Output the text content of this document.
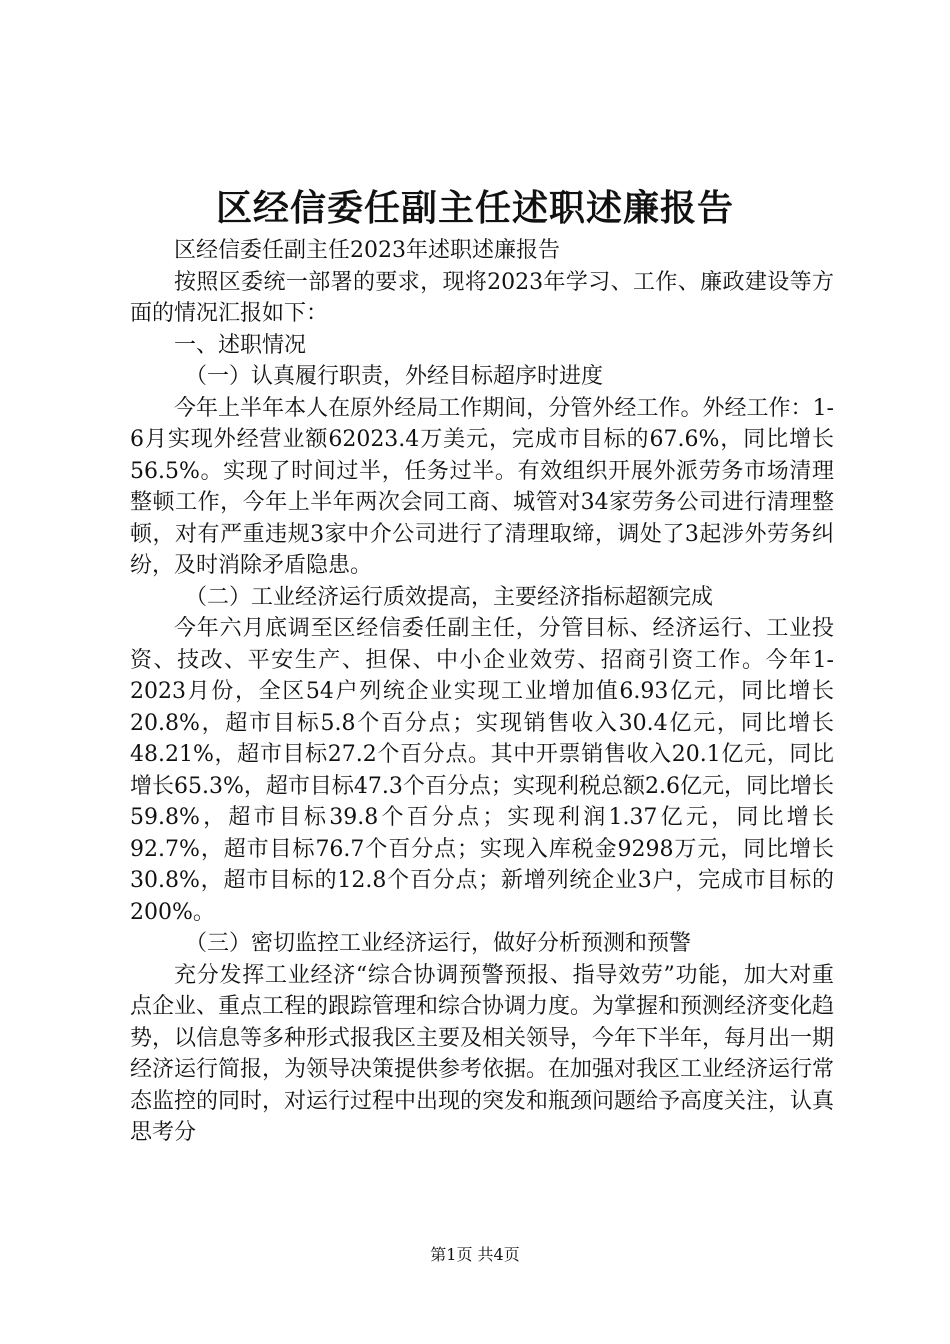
区经信委任副主任述职述廉报告

区经信委任副主任2023年述职述廉报告

按照区委统一部署的要求，现将2023年学习、工作、廉政建设等方面的情况汇报如下：

一、述职情况

（一）认真履行职责，外经目标超序时进度

今年上半年本人在原外经局工作期间，分管外经工作。外经工作：1-6月实现外经营业额62023.4万美元，完成市目标的67.6%，同比增长56.5%。实现了时间过半，任务过半。有效组织开展外派劳务市场清理整顿工作，今年上半年两次会同工商、城管对34家劳务公司进行清理整顿，对有严重违规3家中介公司进行了清理取缔，调处了3起涉外劳务纠纷，及时消除矛盾隐患。

（二）工业经济运行质效提高，主要经济指标超额完成

今年六月底调至区经信委任副主任，分管目标、经济运行、工业投资、技改、平安生产、担保、中小企业效劳、招商引资工作。今年1-2023月份，全区54户列统企业实现工业增加值6.93亿元，同比增长20.8%，超市目标5.8个百分点；实现销售收入30.4亿元，同比增长48.21%，超市目标27.2个百分点。其中开票销售收入20.1亿元，同比增长65.3%，超市目标47.3个百分点；实现利税总额2.6亿元，同比增长59.8%，超市目标39.8个百分点；实现利润1.37亿元，同比增长92.7%，超市目标76.7个百分点；实现入库税金9298万元，同比增长30.8%，超市目标的12.8个百分点；新增列统企业3户，完成市目标的200%。

（三）密切监控工业经济运行，做好分析预测和预警

充分发挥工业经济“综合协调预警预报、指导效劳”功能，加大对重点企业、重点工程的跟踪管理和综合协调力度。为掌握和预测经济变化趋势，以信息等多种形式报我区主要及相关领导，今年下半年，每月出一期经济运行简报，为领导决策提供参考依据。在加强对我区工业经济运行常态监控的同时，对运行过程中出现的突发和瓶颈问题给予高度关注，认真思考分

第1页 共4页
